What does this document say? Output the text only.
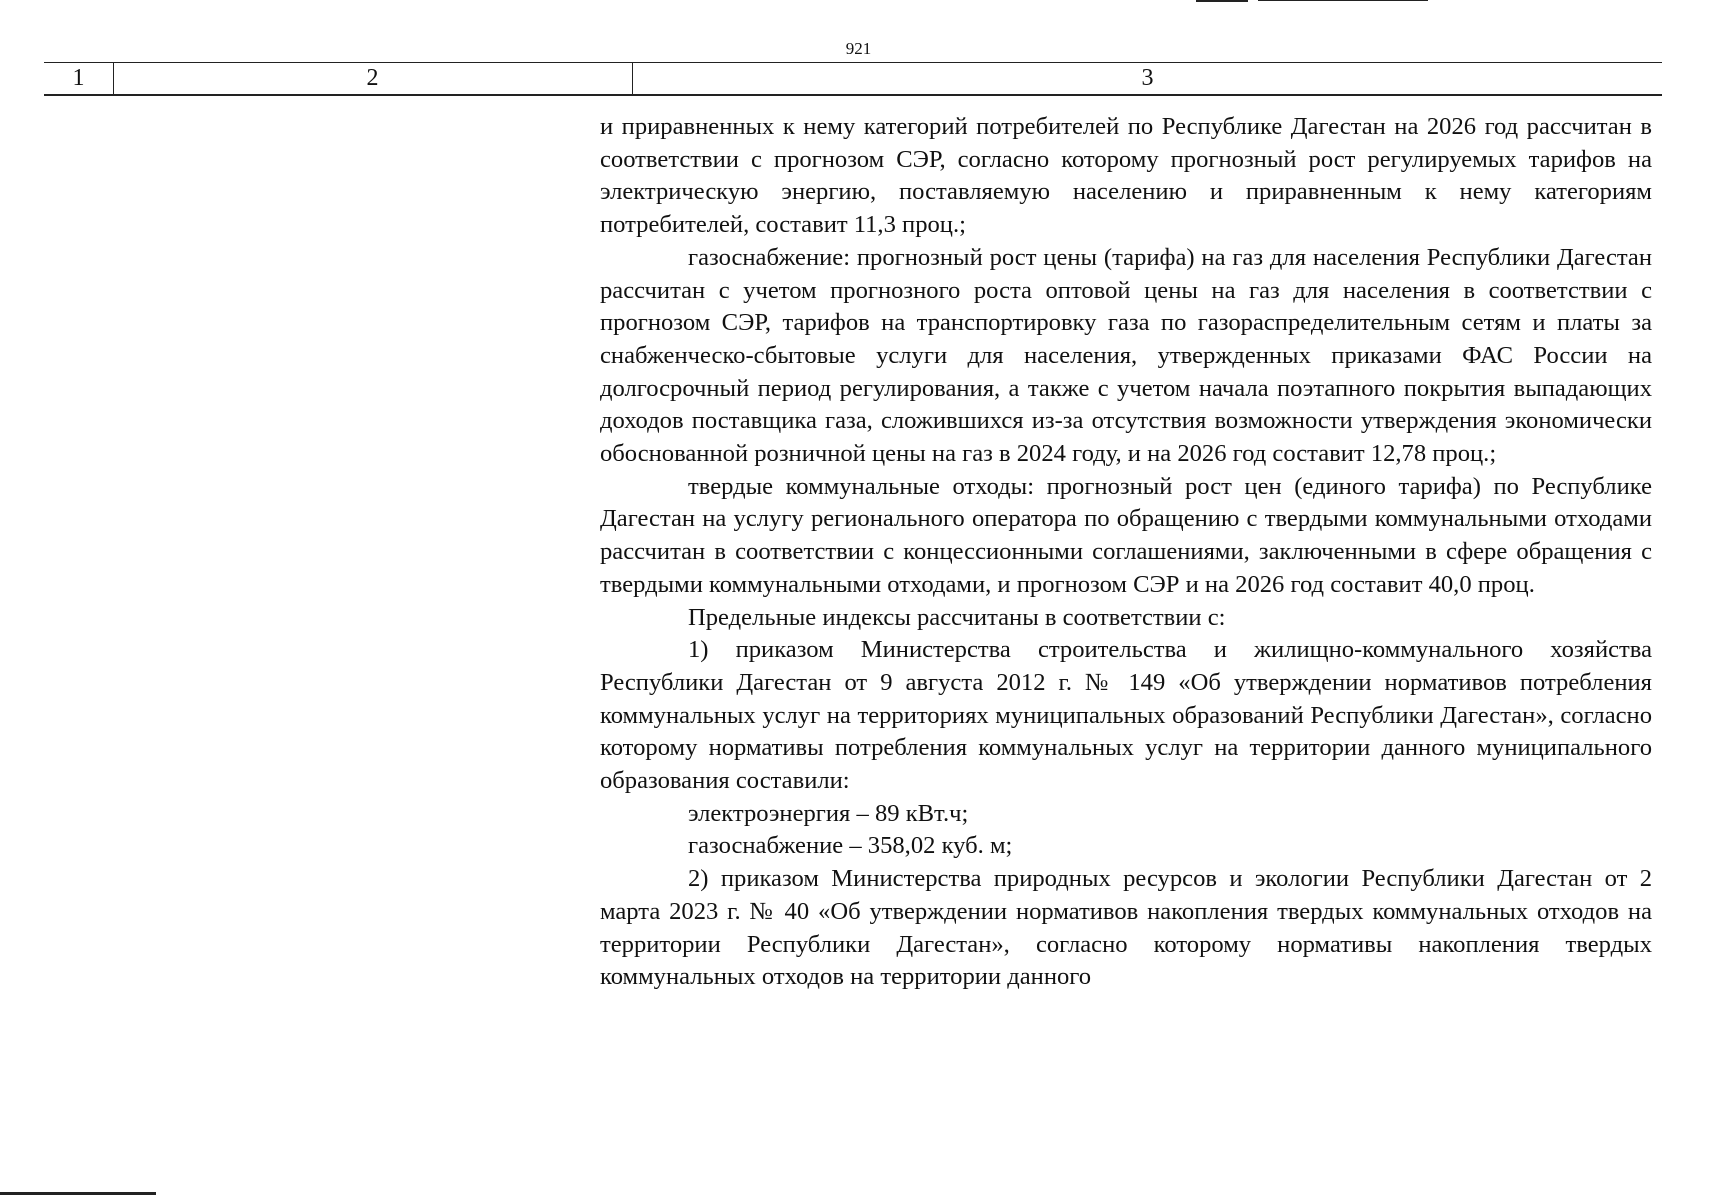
921
1	2	3

и приравненных к нему категорий потребителей по Республике Дагестан на 2026 год рассчитан в соответствии с прогнозом СЭР, согласно которому прогнозный рост регулируемых тарифов на электрическую энергию, поставляемую населению и приравненным к нему категориям потребителей, составит 11,3 проц.;

газоснабжение: прогнозный рост цены (тарифа) на газ для населения Республики Дагестан рассчитан с учетом прогнозного роста оптовой цены на газ для населения в соответствии с прогнозом СЭР, тарифов на транспортировку газа по газораспределительным сетям и платы за снабженческо-сбытовые услуги для населения, утвержденных приказами ФАС России на долгосрочный период регулирования, а также с учетом начала поэтапного покрытия выпадающих доходов поставщика газа, сложившихся из-за отсутствия возможности утверждения экономически обоснованной розничной цены на газ в 2024 году, и на 2026 год составит 12,78 проц.;

твердые коммунальные отходы: прогнозный рост цен (единого тарифа) по Республике Дагестан на услугу регионального оператора по обращению с твердыми коммунальными отходами рассчитан в соответствии с концессионными соглашениями, заключенными в сфере обращения с твердыми коммунальными отходами, и прогнозом СЭР и на 2026 год составит 40,0 проц.

Предельные индексы рассчитаны в соответствии с:

1) приказом Министерства строительства и жилищно-коммунального хозяйства Республики Дагестан от 9 августа 2012 г. № 149 «Об утверждении нормативов потребления коммунальных услуг на территориях муниципальных образований Республики Дагестан», согласно которому нормативы потребления коммунальных услуг на территории данного муниципального образования составили:

электроэнергия – 89 кВт.ч;

газоснабжение – 358,02 куб. м;

2) приказом Министерства природных ресурсов и экологии Республики Дагестан от 2 марта 2023 г. № 40 «Об утверждении нормативов накопления твердых коммунальных отходов на территории Республики Дагестан», согласно которому нормативы накопления твердых коммунальных отходов на территории данного
